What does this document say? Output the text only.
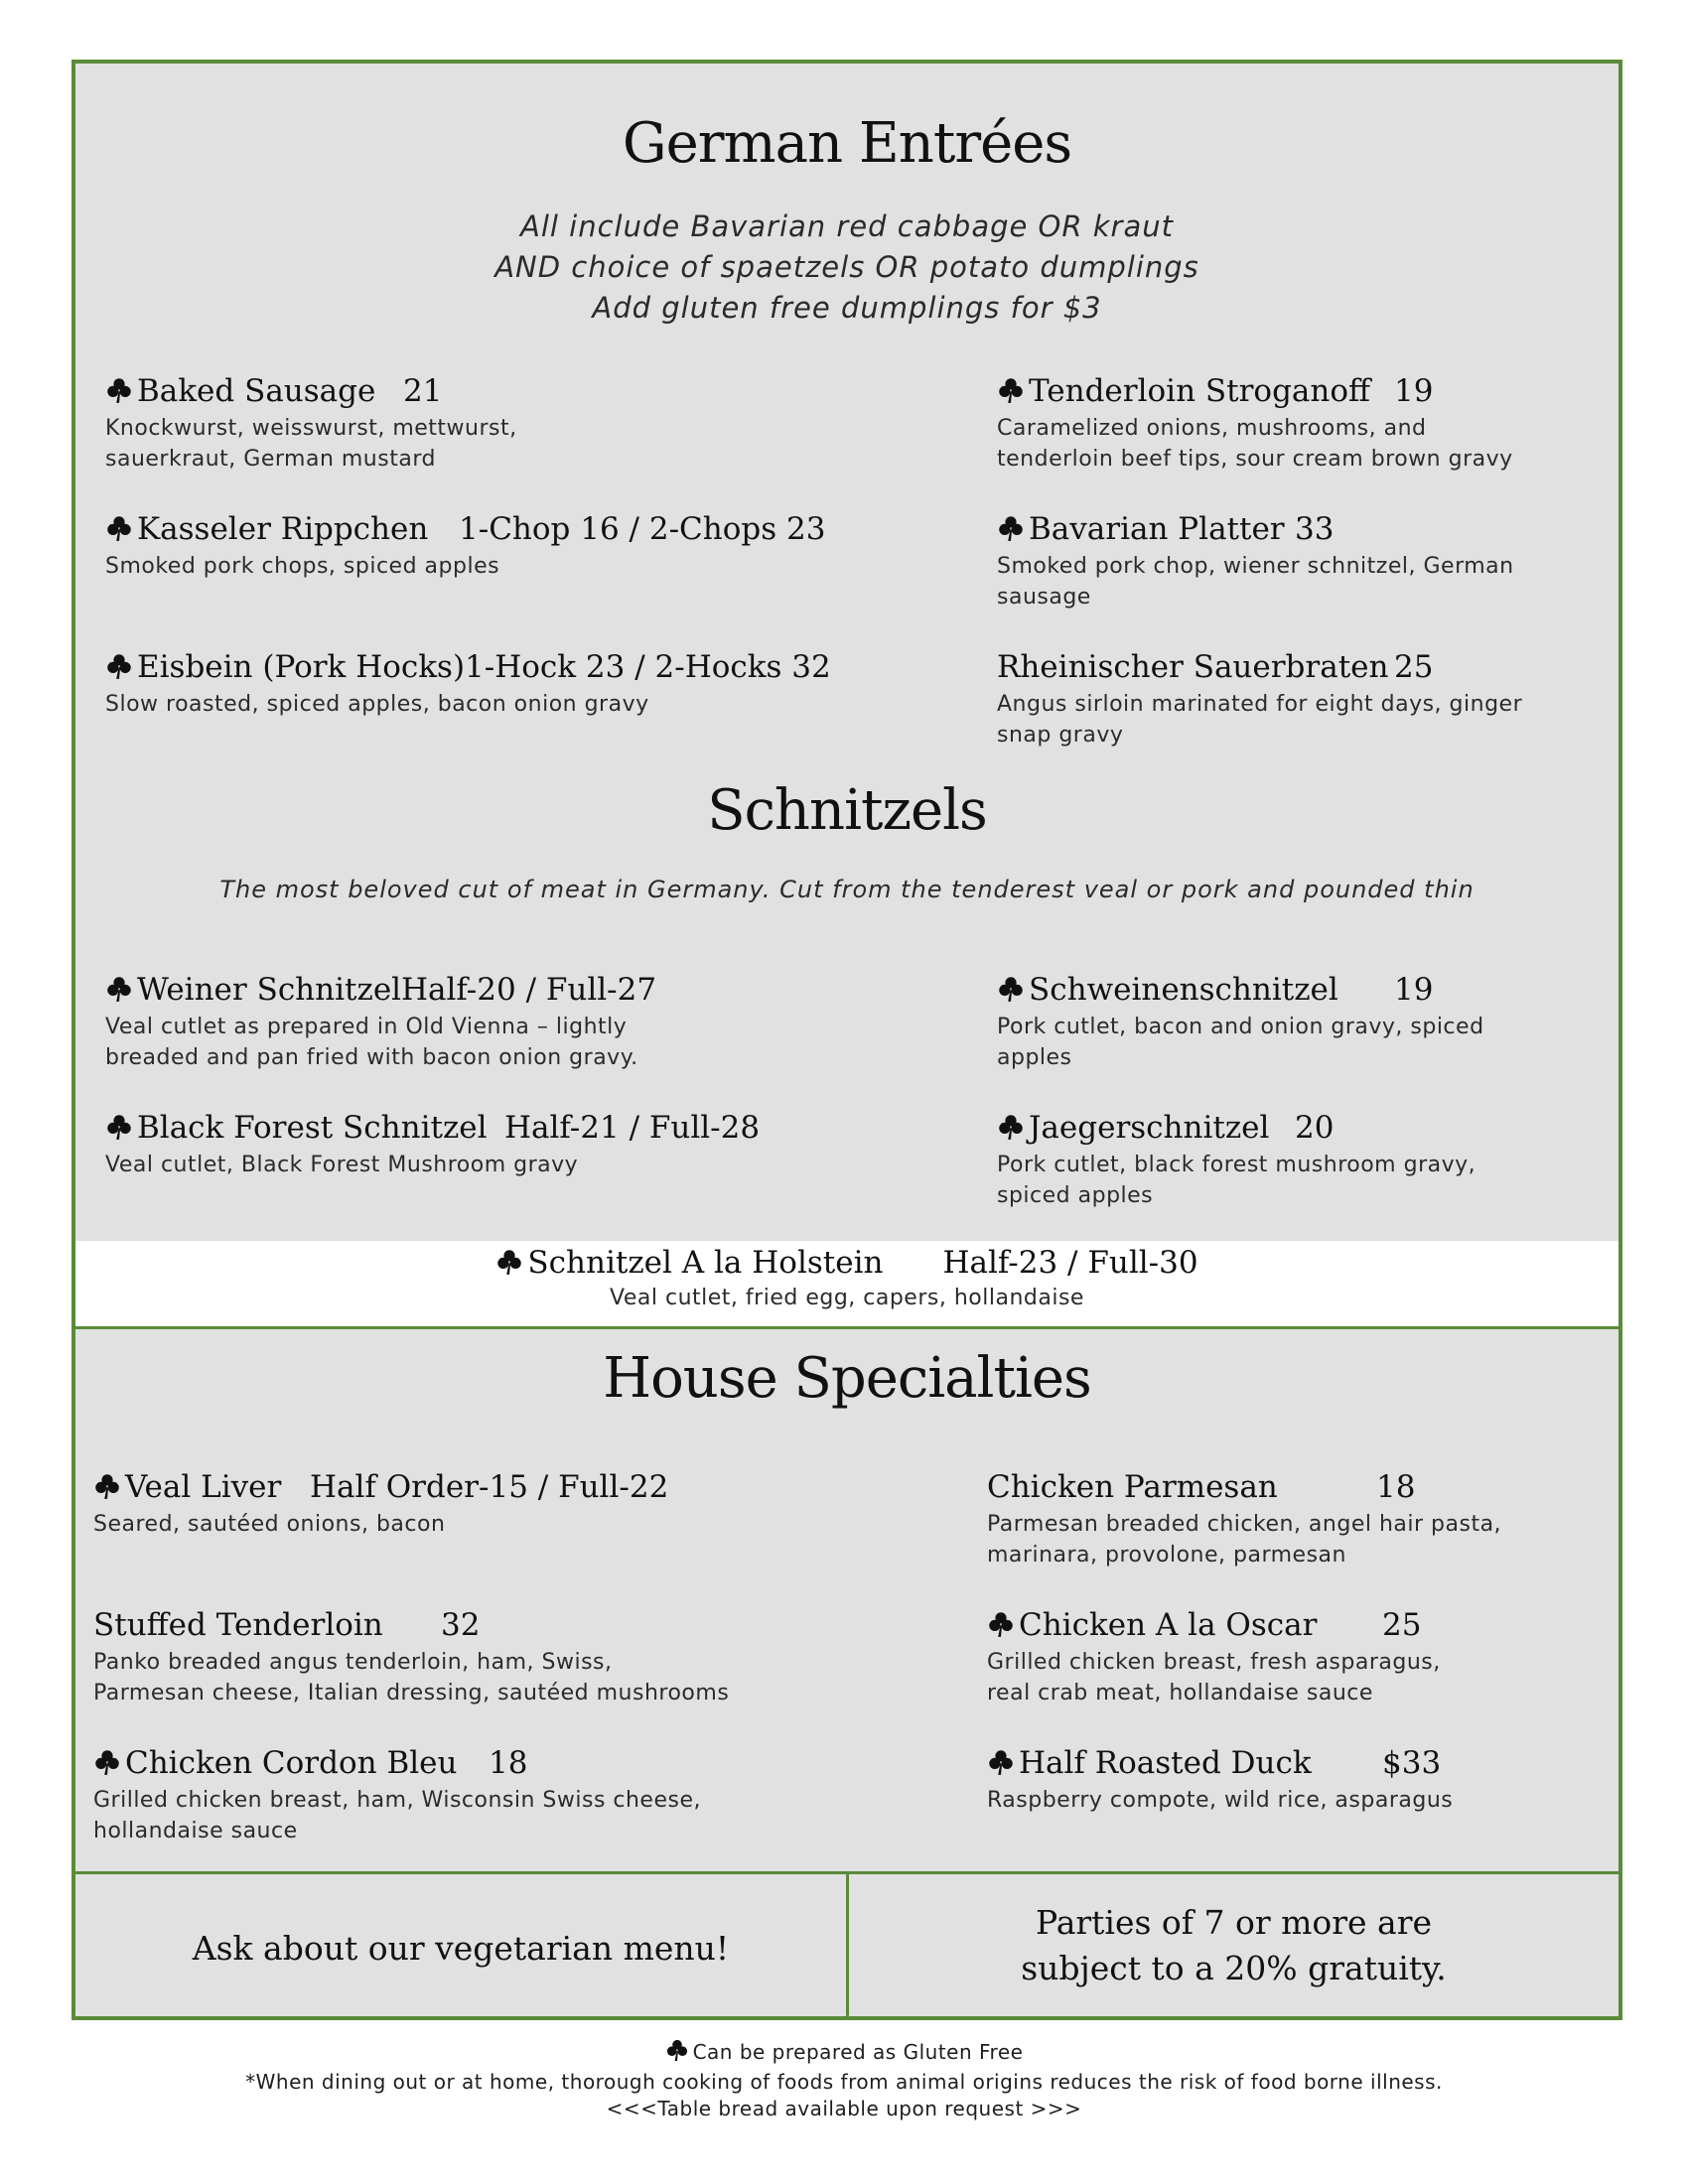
German Entrées
All include Bavarian red cabbage OR kraut
AND choice of spaetzels OR potato dumplings
Add gluten free dumplings for $3
Baked Sausage 21
Knockwurst, weisswurst, mettwurst,
sauerkraut, German mustard
Tenderloin Stroganoff 19
Caramelized onions, mushrooms, and
tenderloin beef tips, sour cream brown gravy
Kasseler Rippchen 1-Chop 16 / 2-Chops 23
Smoked pork chops, spiced apples
Bavarian Platter 33
Smoked pork chop, wiener schnitzel, German
sausage
Eisbein (Pork Hocks) 1-Hock 23 / 2-Hocks 32
Slow roasted, spiced apples, bacon onion gravy
Rheinischer Sauerbraten 25
Angus sirloin marinated for eight days, ginger
snap gravy
Schnitzels
The most beloved cut of meat in Germany. Cut from the tenderest veal or pork and pounded thin
Weiner Schnitzel Half-20 / Full-27
Veal cutlet as prepared in Old Vienna – lightly
breaded and pan fried with bacon onion gravy.
Schweinenschnitzel 19
Pork cutlet, bacon and onion gravy, spiced
apples
Black Forest Schnitzel Half-21 / Full-28
Veal cutlet, Black Forest Mushroom gravy
Jaegerschnitzel 20
Pork cutlet, black forest mushroom gravy,
spiced apples
Schnitzel A la Holstein Half-23 / Full-30
Veal cutlet, fried egg, capers, hollandaise
House Specialties
Veal Liver Half Order-15 / Full-22
Seared, sautéed onions, bacon
Chicken Parmesan	18
Parmesan breaded chicken, angel hair pasta,
marinara, provolone, parmesan
Stuffed Tenderloin 32
Panko breaded angus tenderloin, ham, Swiss,
Parmesan cheese, Italian dressing, sautéed mushrooms
Chicken A la Oscar 25
Grilled chicken breast, fresh asparagus,
real crab meat, hollandaise sauce
Chicken Cordon Bleu 18
Grilled chicken breast, ham, Wisconsin Swiss cheese,
hollandaise sauce
Half Roasted Duck $33
Raspberry compote, wild rice, asparagus
Ask about our vegetarian menu!
Parties of 7 or more are
subject to a 20% gratuity.
Can be prepared as Gluten Free
*When dining out or at home, thorough cooking of foods from animal origins reduces the risk of food borne illness.
<<<Table bread available upon request >>>
